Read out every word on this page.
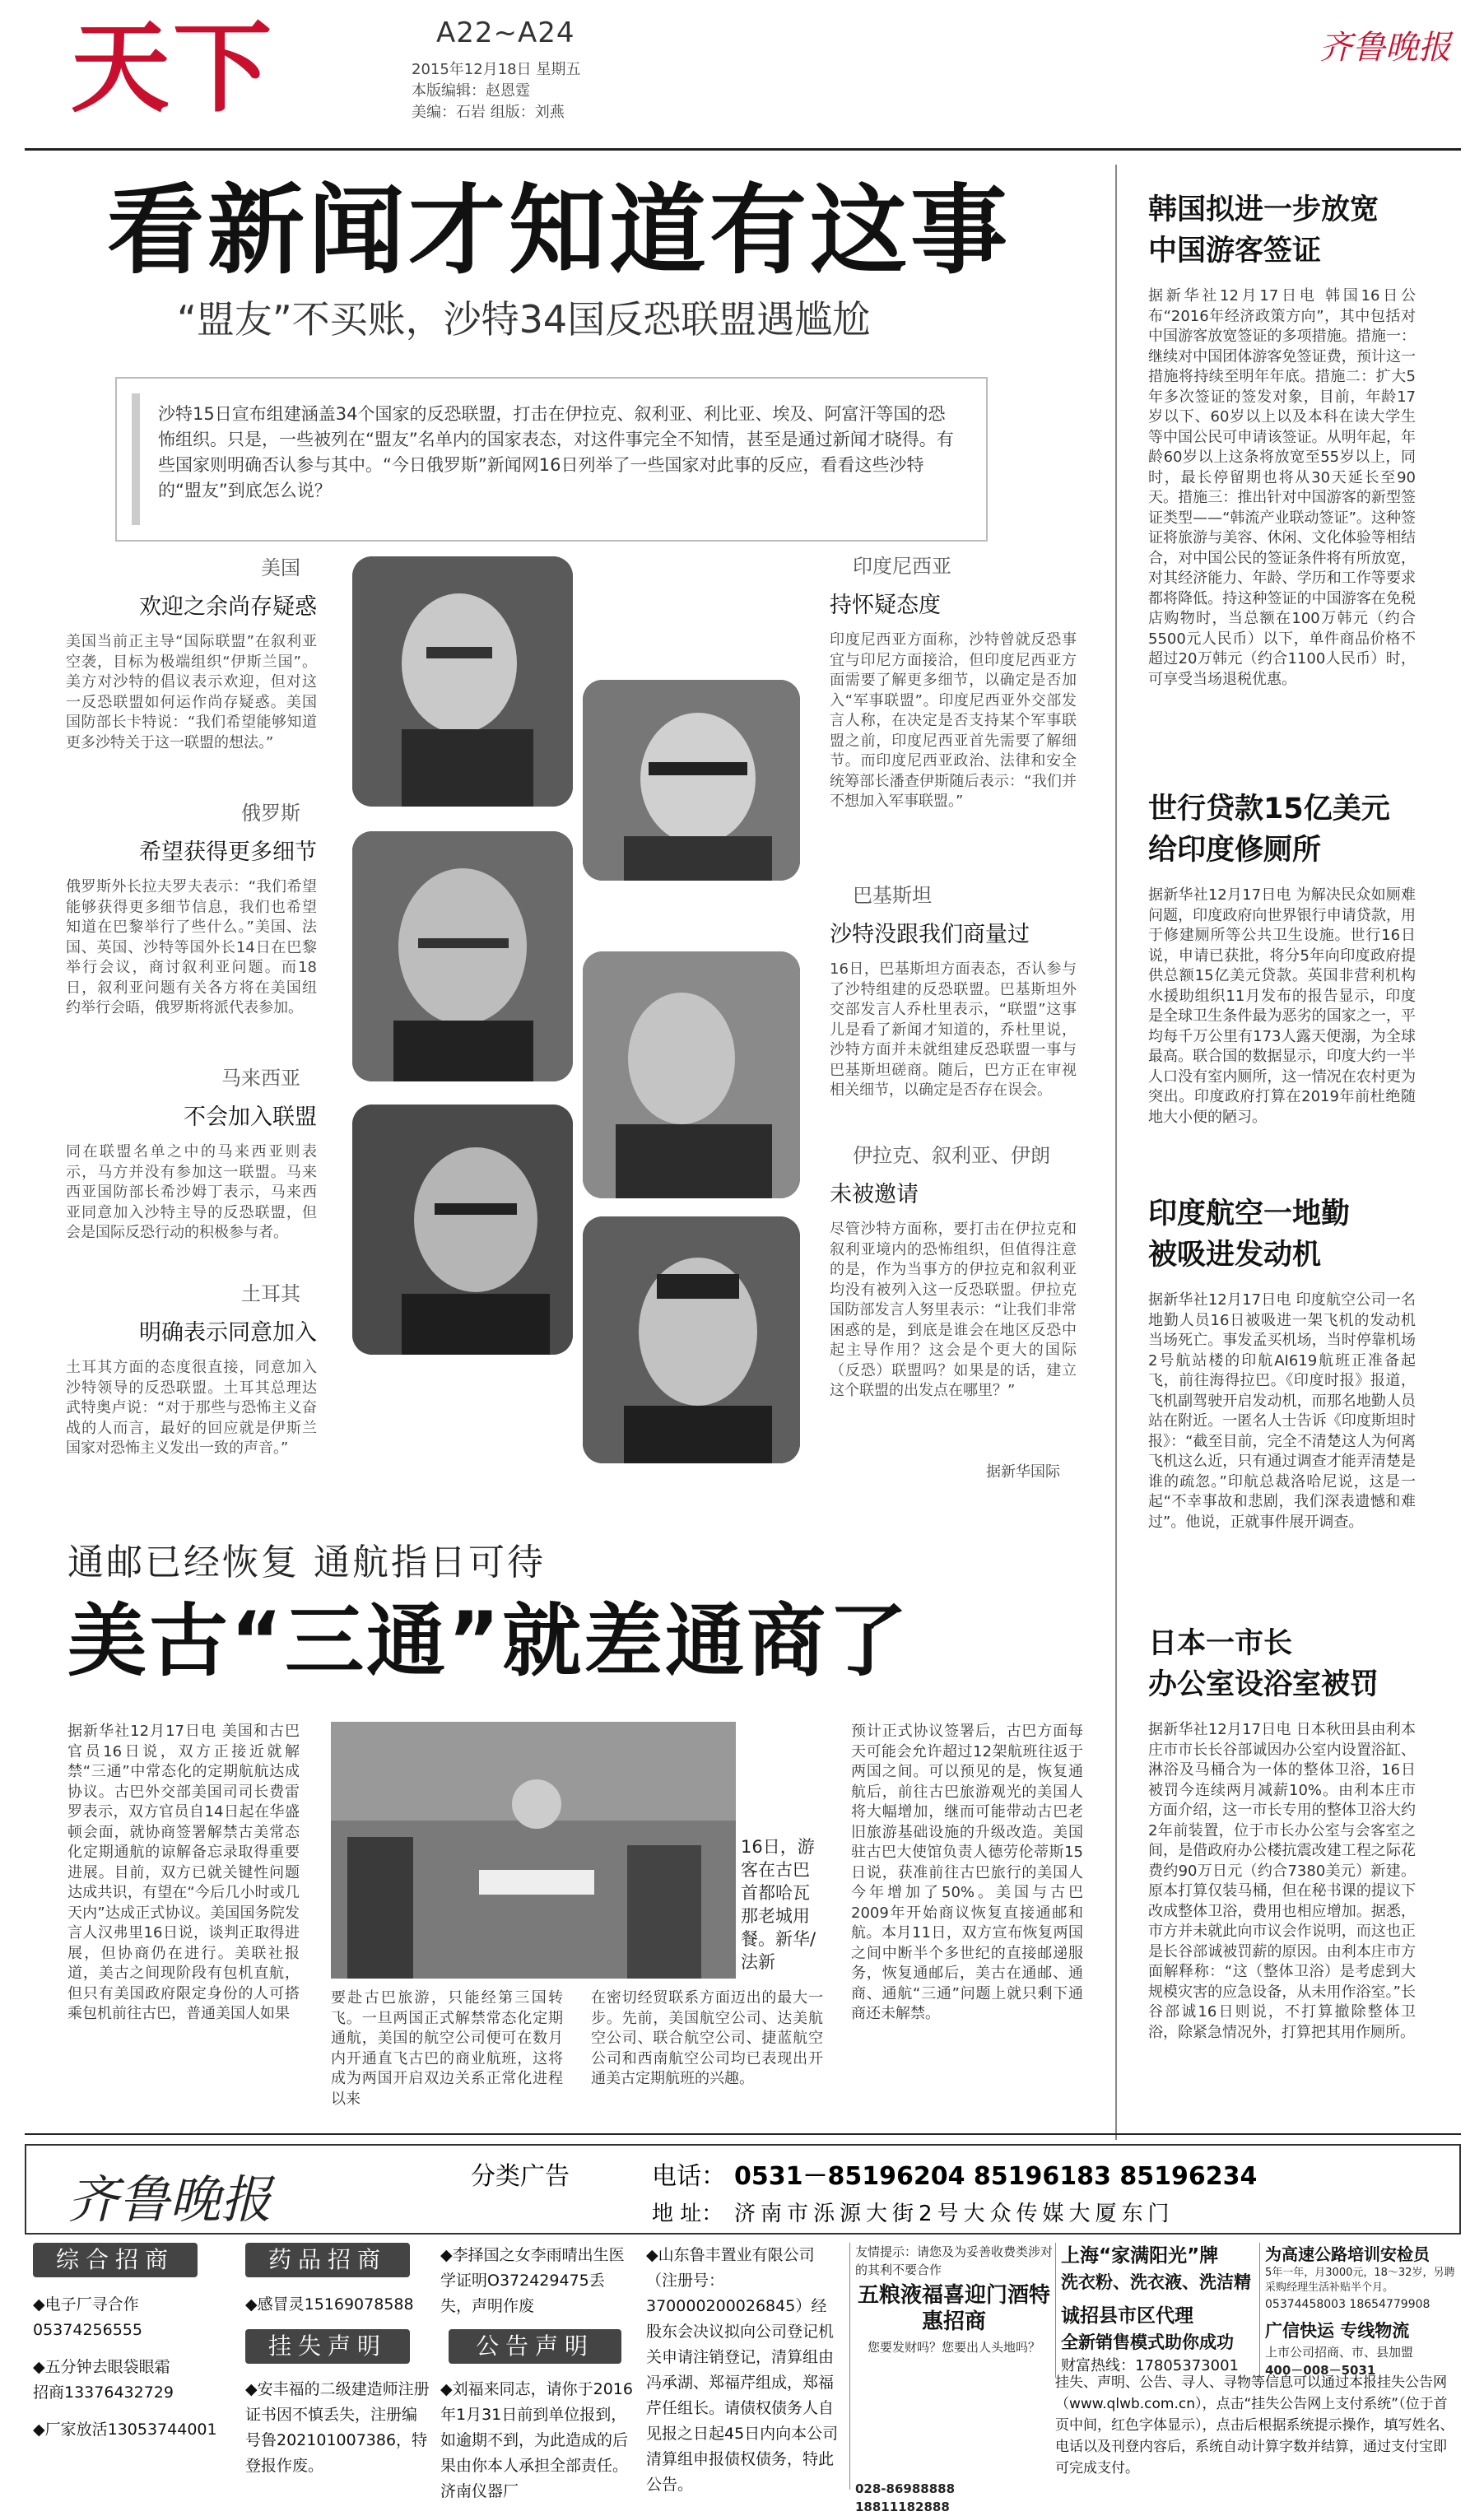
天下	A22~A24
2015年12月18日 星期五
本版编辑：赵恩霆
美编：石岩 组版：刘燕
齐鲁晚报
看新闻才知道有这事
“盟友”不买账，沙特34国反恐联盟遇尴尬
沙特15日宣布组建涵盖34个国家的反恐联盟，打击在伊拉克、叙利亚、利比亚、埃及、阿富汗等国的恐怖组织。只是，一些被列在“盟友”名单内的国家表态，对这件事完全不知情，甚至是通过新闻才晓得。有些国家则明确否认参与其中。“今日俄罗斯”新闻网16日列举了一些国家对此事的反应，看看这些沙特的“盟友”到底怎么说？
美国
欢迎之余尚存疑惑
美国当前正主导“国际联盟”在叙利亚空袭，目标为极端组织“伊斯兰国”。美方对沙特的倡议表示欢迎，但对这一反恐联盟如何运作尚存疑惑。美国国防部长卡特说：“我们希望能够知道更多沙特关于这一联盟的想法。”
俄罗斯
希望获得更多细节
俄罗斯外长拉夫罗夫表示：“我们希望能够获得更多细节信息，我们也希望知道在巴黎举行了些什么。”美国、法国、英国、沙特等国外长14日在巴黎举行会议，商讨叙利亚问题。而18日，叙利亚问题有关各方将在美国纽约举行会晤，俄罗斯将派代表参加。
马来西亚
不会加入联盟
同在联盟名单之中的马来西亚则表示，马方并没有参加这一联盟。马来西亚国防部长希沙姆丁表示，马来西亚同意加入沙特主导的反恐联盟，但会是国际反恐行动的积极参与者。
土耳其
明确表示同意加入
土耳其方面的态度很直接，同意加入沙特领导的反恐联盟。土耳其总理达武特奥卢说：“对于那些与恐怖主义奋战的人而言，最好的回应就是伊斯兰国家对恐怖主义发出一致的声音。”
印度尼西亚
持怀疑态度
印度尼西亚方面称，沙特曾就反恐事宜与印尼方面接洽，但印度尼西亚方面需要了解更多细节，以确定是否加入“军事联盟”。印度尼西亚外交部发言人称，在决定是否支持某个军事联盟之前，印度尼西亚首先需要了解细节。而印度尼西亚政治、法律和安全统筹部长潘查伊斯随后表示：“我们并不想加入军事联盟。”
巴基斯坦
沙特没跟我们商量过
16日，巴基斯坦方面表态，否认参与了沙特组建的反恐联盟。巴基斯坦外交部发言人乔杜里表示，“联盟”这事儿是看了新闻才知道的，乔杜里说，沙特方面并未就组建反恐联盟一事与巴基斯坦磋商。随后，巴方正在审视相关细节，以确定是否存在误会。
伊拉克、叙利亚、伊朗
未被邀请
尽管沙特方面称，要打击在伊拉克和叙利亚境内的恐怖组织，但值得注意的是，作为当事方的伊拉克和叙利亚均没有被列入这一反恐联盟。伊拉克国防部发言人努里表示：“让我们非常困惑的是，到底是谁会在地区反恐中起主导作用？这会是个更大的国际（反恐）联盟吗？如果是的话，建立这个联盟的出发点在哪里？”
据新华国际
韩国拟进一步放宽
中国游客签证
据新华社12月17日电 韩国16日公布“2016年经济政策方向”，其中包括对中国游客放宽签证的多项措施。措施一：继续对中国团体游客免签证费，预计这一措施将持续至明年年底。措施二：扩大5年多次签证的签发对象，目前，年龄17岁以下、60岁以上以及本科在读大学生等中国公民可申请该签证。从明年起，年龄60岁以上这条将放宽至55岁以上，同时，最长停留期也将从30天延长至90天。措施三：推出针对中国游客的新型签证类型——“韩流产业联动签证”。这种签证将旅游与美容、休闲、文化体验等相结合，对中国公民的签证条件将有所放宽，对其经济能力、年龄、学历和工作等要求都将降低。持这种签证的中国游客在免税店购物时，当总额在100万韩元（约合5500元人民币）以下，单件商品价格不超过20万韩元（约合1100人民币）时，可享受当场退税优惠。
世行贷款15亿美元
给印度修厕所
据新华社12月17日电 为解决民众如厕难问题，印度政府向世界银行申请贷款，用于修建厕所等公共卫生设施。世行16日说，申请已获批，将分5年向印度政府提供总额15亿美元贷款。英国非营利机构水援助组织11月发布的报告显示，印度是全球卫生条件最为恶劣的国家之一，平均每千万公里有173人露天便溺，为全球最高。联合国的数据显示，印度大约一半人口没有室内厕所，这一情况在农村更为突出。印度政府打算在2019年前杜绝随地大小便的陋习。
印度航空一地勤
被吸进发动机
据新华社12月17日电 印度航空公司一名地勤人员16日被吸进一架飞机的发动机当场死亡。事发孟买机场，当时停靠机场2号航站楼的印航AI619航班正准备起飞，前往海得拉巴。《印度时报》报道，飞机副驾驶开启发动机，而那名地勤人员站在附近。一匿名人士告诉《印度斯坦时报》：“截至目前，完全不清楚这人为何离飞机这么近，只有通过调查才能弄清楚是谁的疏忽。”印航总裁洛哈尼说，这是一起“不幸事故和悲剧，我们深表遗憾和难过”。他说，正就事件展开调查。
日本一市长
办公室设浴室被罚
据新华社12月17日电 日本秋田县由利本庄市市长长谷部诚因办公室内设置浴缸、淋浴及马桶合为一体的整体卫浴，16日被罚今连续两月减薪10%。由利本庄市方面介绍，这一市长专用的整体卫浴大约2年前装置，位于市长办公室与会客室之间，是借政府办公楼抗震改建工程之际花费约90万日元（约合7380美元）新建。原本打算仅装马桶，但在秘书课的提议下改成整体卫浴，费用也相应增加。据悉，市方并未就此向市议会作说明，而这也正是长谷部诚被罚薪的原因。由利本庄市方面解释称：“这（整体卫浴）是考虑到大规模灾害的应急设备，从未用作浴室。”长谷部诚16日则说，不打算撤除整体卫浴，除紧急情况外，打算把其用作厕所。
通邮已经恢复 通航指日可待
美古“三通”就差通商了
据新华社12月17日电 美国和古巴官员16日说，双方正接近就解禁“三通”中常态化的定期航航达成协议。古巴外交部美国司司长费雷罗表示，双方官员自14日起在华盛顿会面，就协商签署解禁古美常态化定期通航的谅解备忘录取得重要进展。目前，双方已就关键性问题达成共识，有望在“今后几小时或几天内”达成正式协议。美国国务院发言人汉弗里16日说，谈判正取得进展，但协商仍在进行。美联社报道，美古之间现阶段有包机直航，但只有美国政府限定身份的人可搭乘包机前往古巴，普通美国人如果
16日，游客在古巴首都哈瓦那老城用餐。新华/法新
要赴古巴旅游，只能经第三国转飞。一旦两国正式解禁常态化定期通航，美国的航空公司便可在数月内开通直飞古巴的商业航班，这将成为两国开启双边关系正常化进程以来
在密切经贸联系方面迈出的最大一步。先前，美国航空公司、达美航空公司、联合航空公司、捷蓝航空公司和西南航空公司均已表现出开通美古定期航班的兴趣。
预计正式协议签署后，古巴方面每天可能会允许超过12架航班往返于两国之间。可以预见的是，恢复通航后，前往古巴旅游观光的美国人将大幅增加，继而可能带动古巴老旧旅游基础设施的升级改造。美国驻古巴大使馆负责人德劳伦蒂斯15日说，获准前往古巴旅行的美国人今年增加了50%。美国与古巴2009年开始商议恢复直接通邮和航。本月11日，双方宣布恢复两国之间中断半个多世纪的直接邮递服务，恢复通邮后，美古在通邮、通商、通航“三通”问题上就只剩下通商还未解禁。
齐鲁晚报	分类广告	电话： 0531－85196204 85196183 85196234
地 址： 济南市泺源大街2号大众传媒大厦东门
综合招商
◆电子厂寻合作
05374256555
◆五分钟去眼袋眼霜
招商13376432729
◆厂家放活13053744001
药品招商
◆感冒灵15169078588
挂失声明
◆安丰福的二级建造师注册证书因不慎丢失，注册编号鲁202101007386，特登报作废。
◆李择国之女李雨晴出生医学证明O372429475丢失，声明作废
公告声明
◆刘福来同志，请你于2016年1月31日前到单位报到，如逾期不到，为此造成的后果由你本人承担全部责任。济南仪器厂
◆山东鲁丰置业有限公司（注册号：370000200026845）经股东会决议拟向公司登记机关申请注销登记，清算组由冯承湖、郑福芹组成，郑福芹任组长。请债权债务人自见报之日起45日内向本公司清算组申报债权债务，特此公告。
友情提示：请您及为妥善收费类涉对的其利不要合作
五粮液福喜迎门酒特惠招商
您要发财吗？您要出人头地吗？
028-86988888 18811182888
上海“家满阳光”牌
洗衣粉、洗衣液、洗洁精
诚招县市区代理
全新销售模式助你成功
财富热线：17805373001
为高速公路培训安检员
5年一年，月3000元，18～32岁，另聘采购经理生活补贴半个月。
05374458003 18654779908
广信快运 专线物流
上市公司招商、市、县加盟
400－008－5031
挂失、声明、公告、寻人、寻物等信息可以通过本报挂失公告网（www.qlwb.com.cn），点击“挂失公告网上支付系统”（位于首页中间，红色字体显示），点击后根据系统提示操作，填写姓名、电话以及刊登内容后，系统自动计算字数并结算，通过支付宝即可完成支付。
